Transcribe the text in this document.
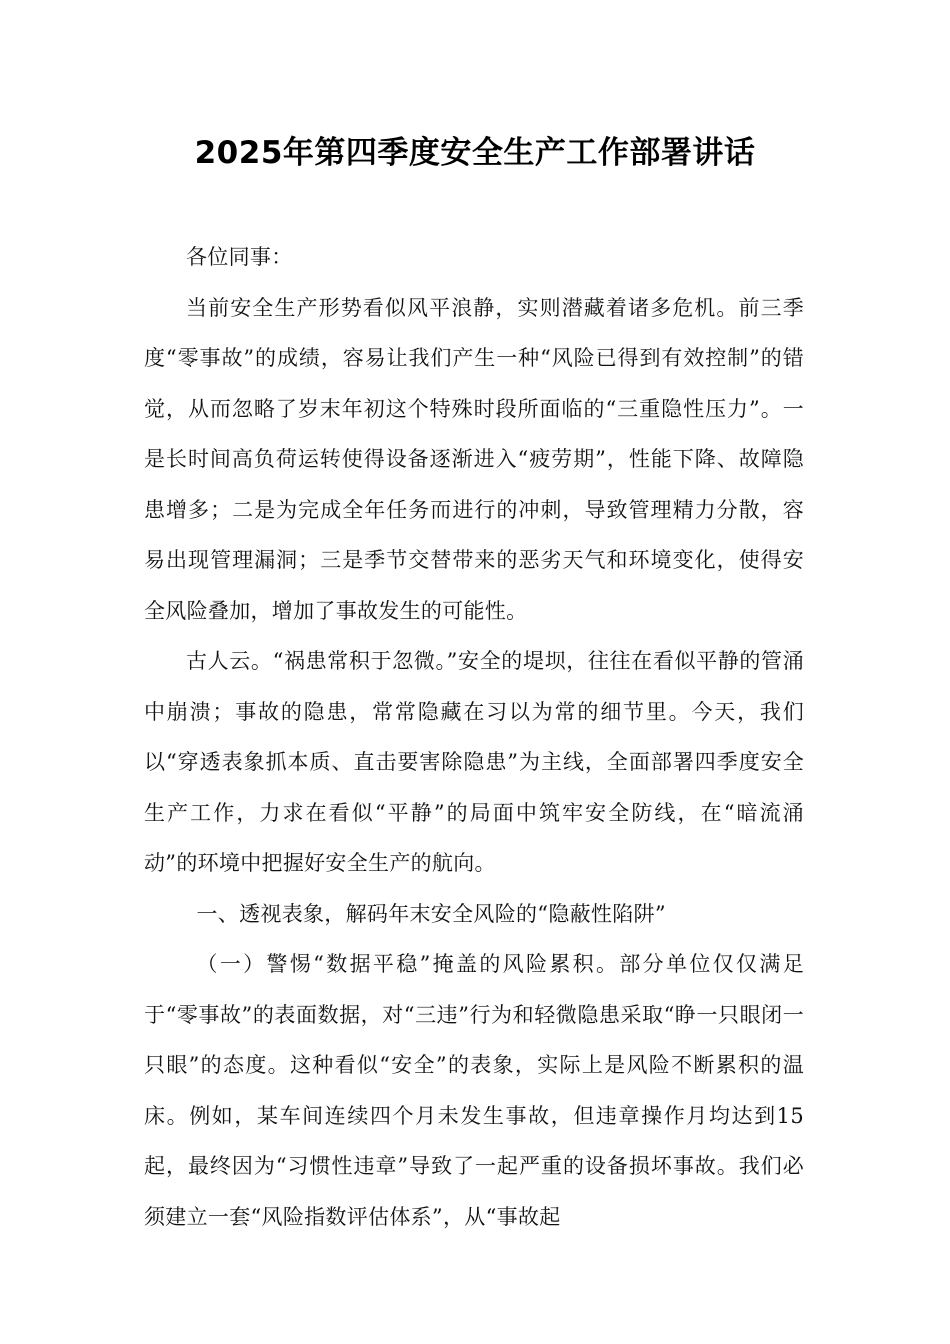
2025年第四季度安全生产工作部署讲话

各位同事：

当前安全生产形势看似风平浪静，实则潜藏着诸多危机。前三季度“零事故”的成绩，容易让我们产生一种“风险已得到有效控制”的错觉，从而忽略了岁末年初这个特殊时段所面临的“三重隐性压力”。一是长时间高负荷运转使得设备逐渐进入“疲劳期”，性能下降、故障隐患增多；二是为完成全年任务而进行的冲刺，导致管理精力分散，容易出现管理漏洞；三是季节交替带来的恶劣天气和环境变化，使得安全风险叠加，增加了事故发生的可能性。

古人云。“祸患常积于忽微。”安全的堤坝，往往在看似平静的管涌中崩溃；事故的隐患，常常隐藏在习以为常的细节里。今天，我们以“穿透表象抓本质、直击要害除隐患”为主线，全面部署四季度安全生产工作，力求在看似“平静”的局面中筑牢安全防线，在“暗流涌动”的环境中把握好安全生产的航向。

一、透视表象，解码年末安全风险的“隐蔽性陷阱”

（一）警惕“数据平稳”掩盖的风险累积。部分单位仅仅满足于“零事故”的表面数据，对“三违”行为和轻微隐患采取“睁一只眼闭一只眼”的态度。这种看似“安全”的表象，实际上是风险不断累积的温床。例如，某车间连续四个月未发生事故，但违章操作月均达到15起，最终因为“习惯性违章”导致了一起严重的设备损坏事故。我们必须建立一套“风险指数评估体系”，从“事故起
